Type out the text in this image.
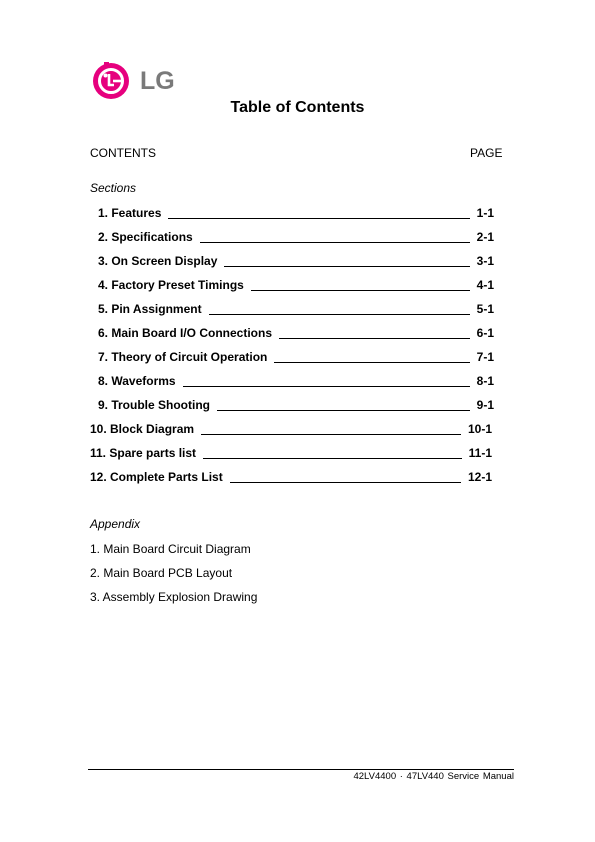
LG
Table of Contents
CONTENTS	PAGE
Sections
1. Features	1-1
2. Specifications	2-1
3. On Screen Display	3-1
4. Factory Preset Timings	4-1
5. Pin Assignment	5-1
6. Main Board I/O Connections	6-1
7. Theory of Circuit Operation	7-1
8. Waveforms	8-1
9. Trouble Shooting	9-1
10. Block Diagram	10-1
11. Spare parts list	11-1
12. Complete Parts List	12-1
Appendix
1. Main Board Circuit Diagram
2. Main Board PCB Layout
3. Assembly Explosion Drawing
42LV4400 · 47LV440 Service Manual
